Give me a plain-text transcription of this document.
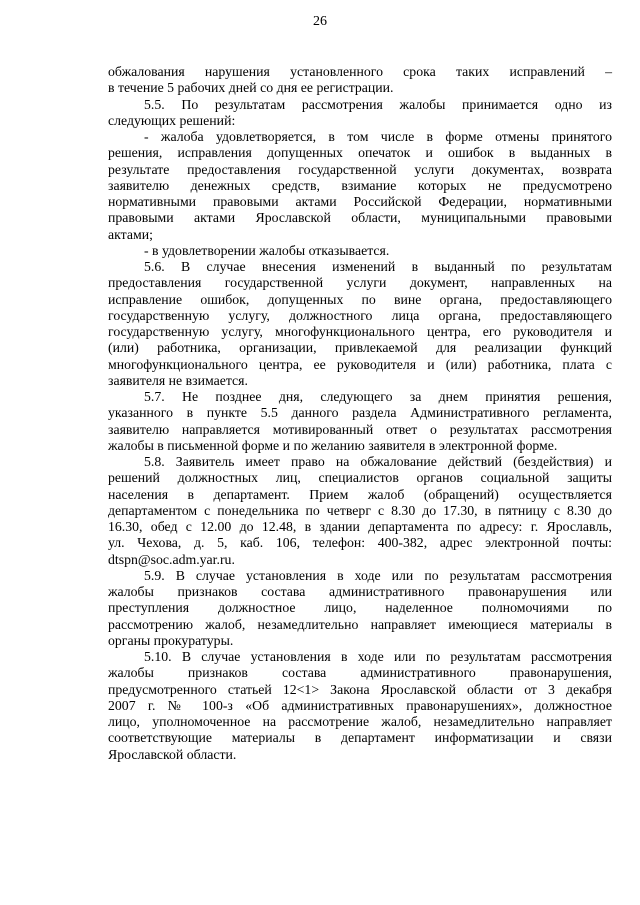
26
обжалования нарушения установленного срока таких исправлений –
в течение 5 рабочих дней со дня ее регистрации.
5.5. По результатам рассмотрения жалобы принимается одно из
следующих решений:
- жалоба удовлетворяется, в том числе в форме отмены принятого
решения, исправления допущенных опечаток и ошибок в выданных в
результате предоставления государственной услуги документах, возврата
заявителю денежных средств, взимание которых не предусмотрено
нормативными правовыми актами Российской Федерации, нормативными
правовыми актами Ярославской области, муниципальными правовыми
актами;
- в удовлетворении жалобы отказывается.
5.6. В случае внесения изменений в выданный по результатам
предоставления государственной услуги документ, направленных на
исправление ошибок, допущенных по вине органа, предоставляющего
государственную услугу, должностного лица органа, предоставляющего
государственную услугу, многофункционального центра, его руководителя и
(или) работника, организации, привлекаемой для реализации функций
многофункционального центра, ее руководителя и (или) работника, плата с
заявителя не взимается.
5.7. Не позднее дня, следующего за днем принятия решения,
указанного в пункте 5.5 данного раздела Административного регламента,
заявителю направляется мотивированный ответ о результатах рассмотрения
жалобы в письменной форме и по желанию заявителя в электронной форме.
5.8. Заявитель имеет право на обжалование действий (бездействия) и
решений должностных лиц, специалистов органов социальной защиты
населения в департамент. Прием жалоб (обращений) осуществляется
департаментом с понедельника по четверг с 8.30 до 17.30, в пятницу с 8.30 до
16.30, обед с 12.00 до 12.48, в здании департамента по адресу: г. Ярославль,
ул. Чехова, д. 5, каб. 106, телефон: 400-382, адрес электронной почты:
dtspn@soc.adm.yar.ru.
5.9. В случае установления в ходе или по результатам рассмотрения
жалобы признаков состава административного правонарушения или
преступления должностное лицо, наделенное полномочиями по
рассмотрению жалоб, незамедлительно направляет имеющиеся материалы в
органы прокуратуры.
5.10. В случае установления в ходе или по результатам рассмотрения
жалобы признаков состава административного правонарушения,
предусмотренного статьей 12<1> Закона Ярославской области от 3 декабря
2007 г. № 100-з «Об административных правонарушениях», должностное
лицо, уполномоченное на рассмотрение жалоб, незамедлительно направляет
соответствующие материалы в департамент информатизации и связи
Ярославской области.
